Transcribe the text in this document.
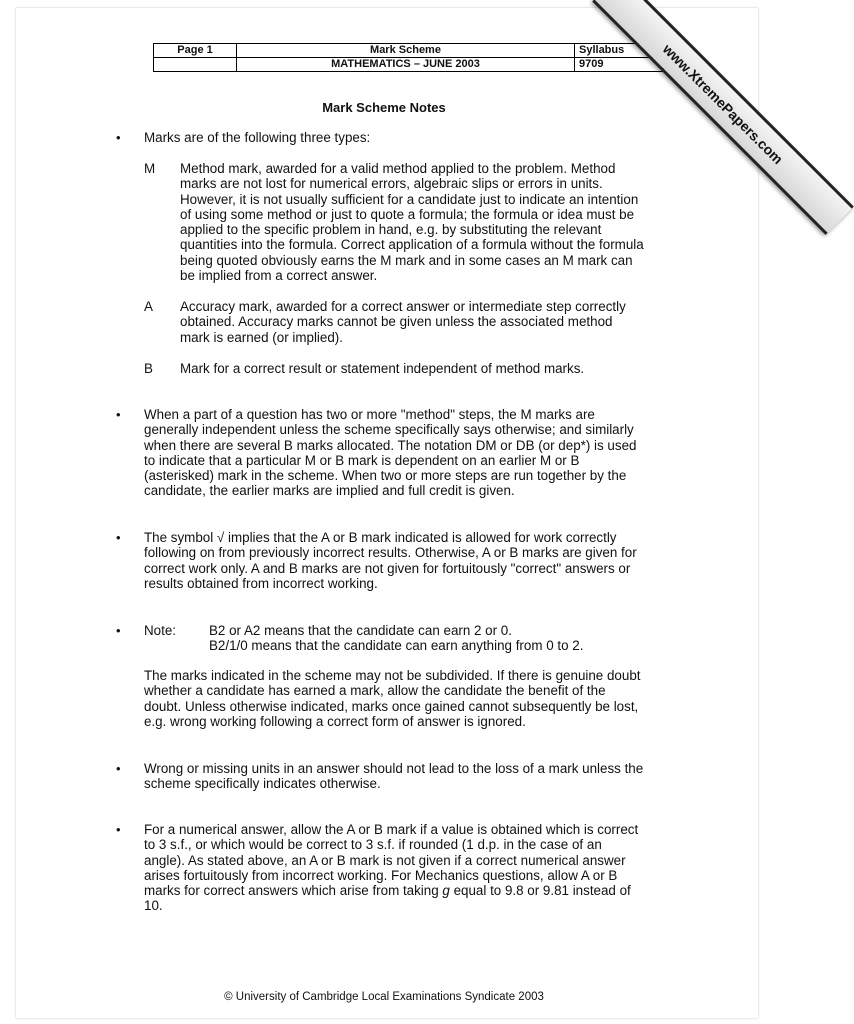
Page 1	Mark Scheme	Syllabus
	MATHEMATICS – JUNE 2003	9709	www.XtremePapers.com
Mark Scheme Notes
• Marks are of the following three types:
M Method mark, awarded for a valid method applied to the problem. Method
marks are not lost for numerical errors, algebraic slips or errors in units.
However, it is not usually sufficient for a candidate just to indicate an intention
of using some method or just to quote a formula; the formula or idea must be
applied to the specific problem in hand, e.g. by substituting the relevant
quantities into the formula. Correct application of a formula without the formula
being quoted obviously earns the M mark and in some cases an M mark can
be implied from a correct answer.
A Accuracy mark, awarded for a correct answer or intermediate step correctly
obtained. Accuracy marks cannot be given unless the associated method
mark is earned (or implied).
B Mark for a correct result or statement independent of method marks.
• When a part of a question has two or more "method" steps, the M marks are
generally independent unless the scheme specifically says otherwise; and similarly
when there are several B marks allocated. The notation DM or DB (or dep*) is used
to indicate that a particular M or B mark is dependent on an earlier M or B
(asterisked) mark in the scheme. When two or more steps are run together by the
candidate, the earlier marks are implied and full credit is given.
• The symbol √ implies that the A or B mark indicated is allowed for work correctly
following on from previously incorrect results. Otherwise, A or B marks are given for
correct work only. A and B marks are not given for fortuitously "correct" answers or
results obtained from incorrect working.
• Note: B2 or A2 means that the candidate can earn 2 or 0.
B2/1/0 means that the candidate can earn anything from 0 to 2.
The marks indicated in the scheme may not be subdivided. If there is genuine doubt
whether a candidate has earned a mark, allow the candidate the benefit of the
doubt. Unless otherwise indicated, marks once gained cannot subsequently be lost,
e.g. wrong working following a correct form of answer is ignored.
• Wrong or missing units in an answer should not lead to the loss of a mark unless the
scheme specifically indicates otherwise.
• For a numerical answer, allow the A or B mark if a value is obtained which is correct
to 3 s.f., or which would be correct to 3 s.f. if rounded (1 d.p. in the case of an
angle). As stated above, an A or B mark is not given if a correct numerical answer
arises fortuitously from incorrect working. For Mechanics questions, allow A or B
marks for correct answers which arise from taking g equal to 9.8 or 9.81 instead of
10.
© University of Cambridge Local Examinations Syndicate 2003
